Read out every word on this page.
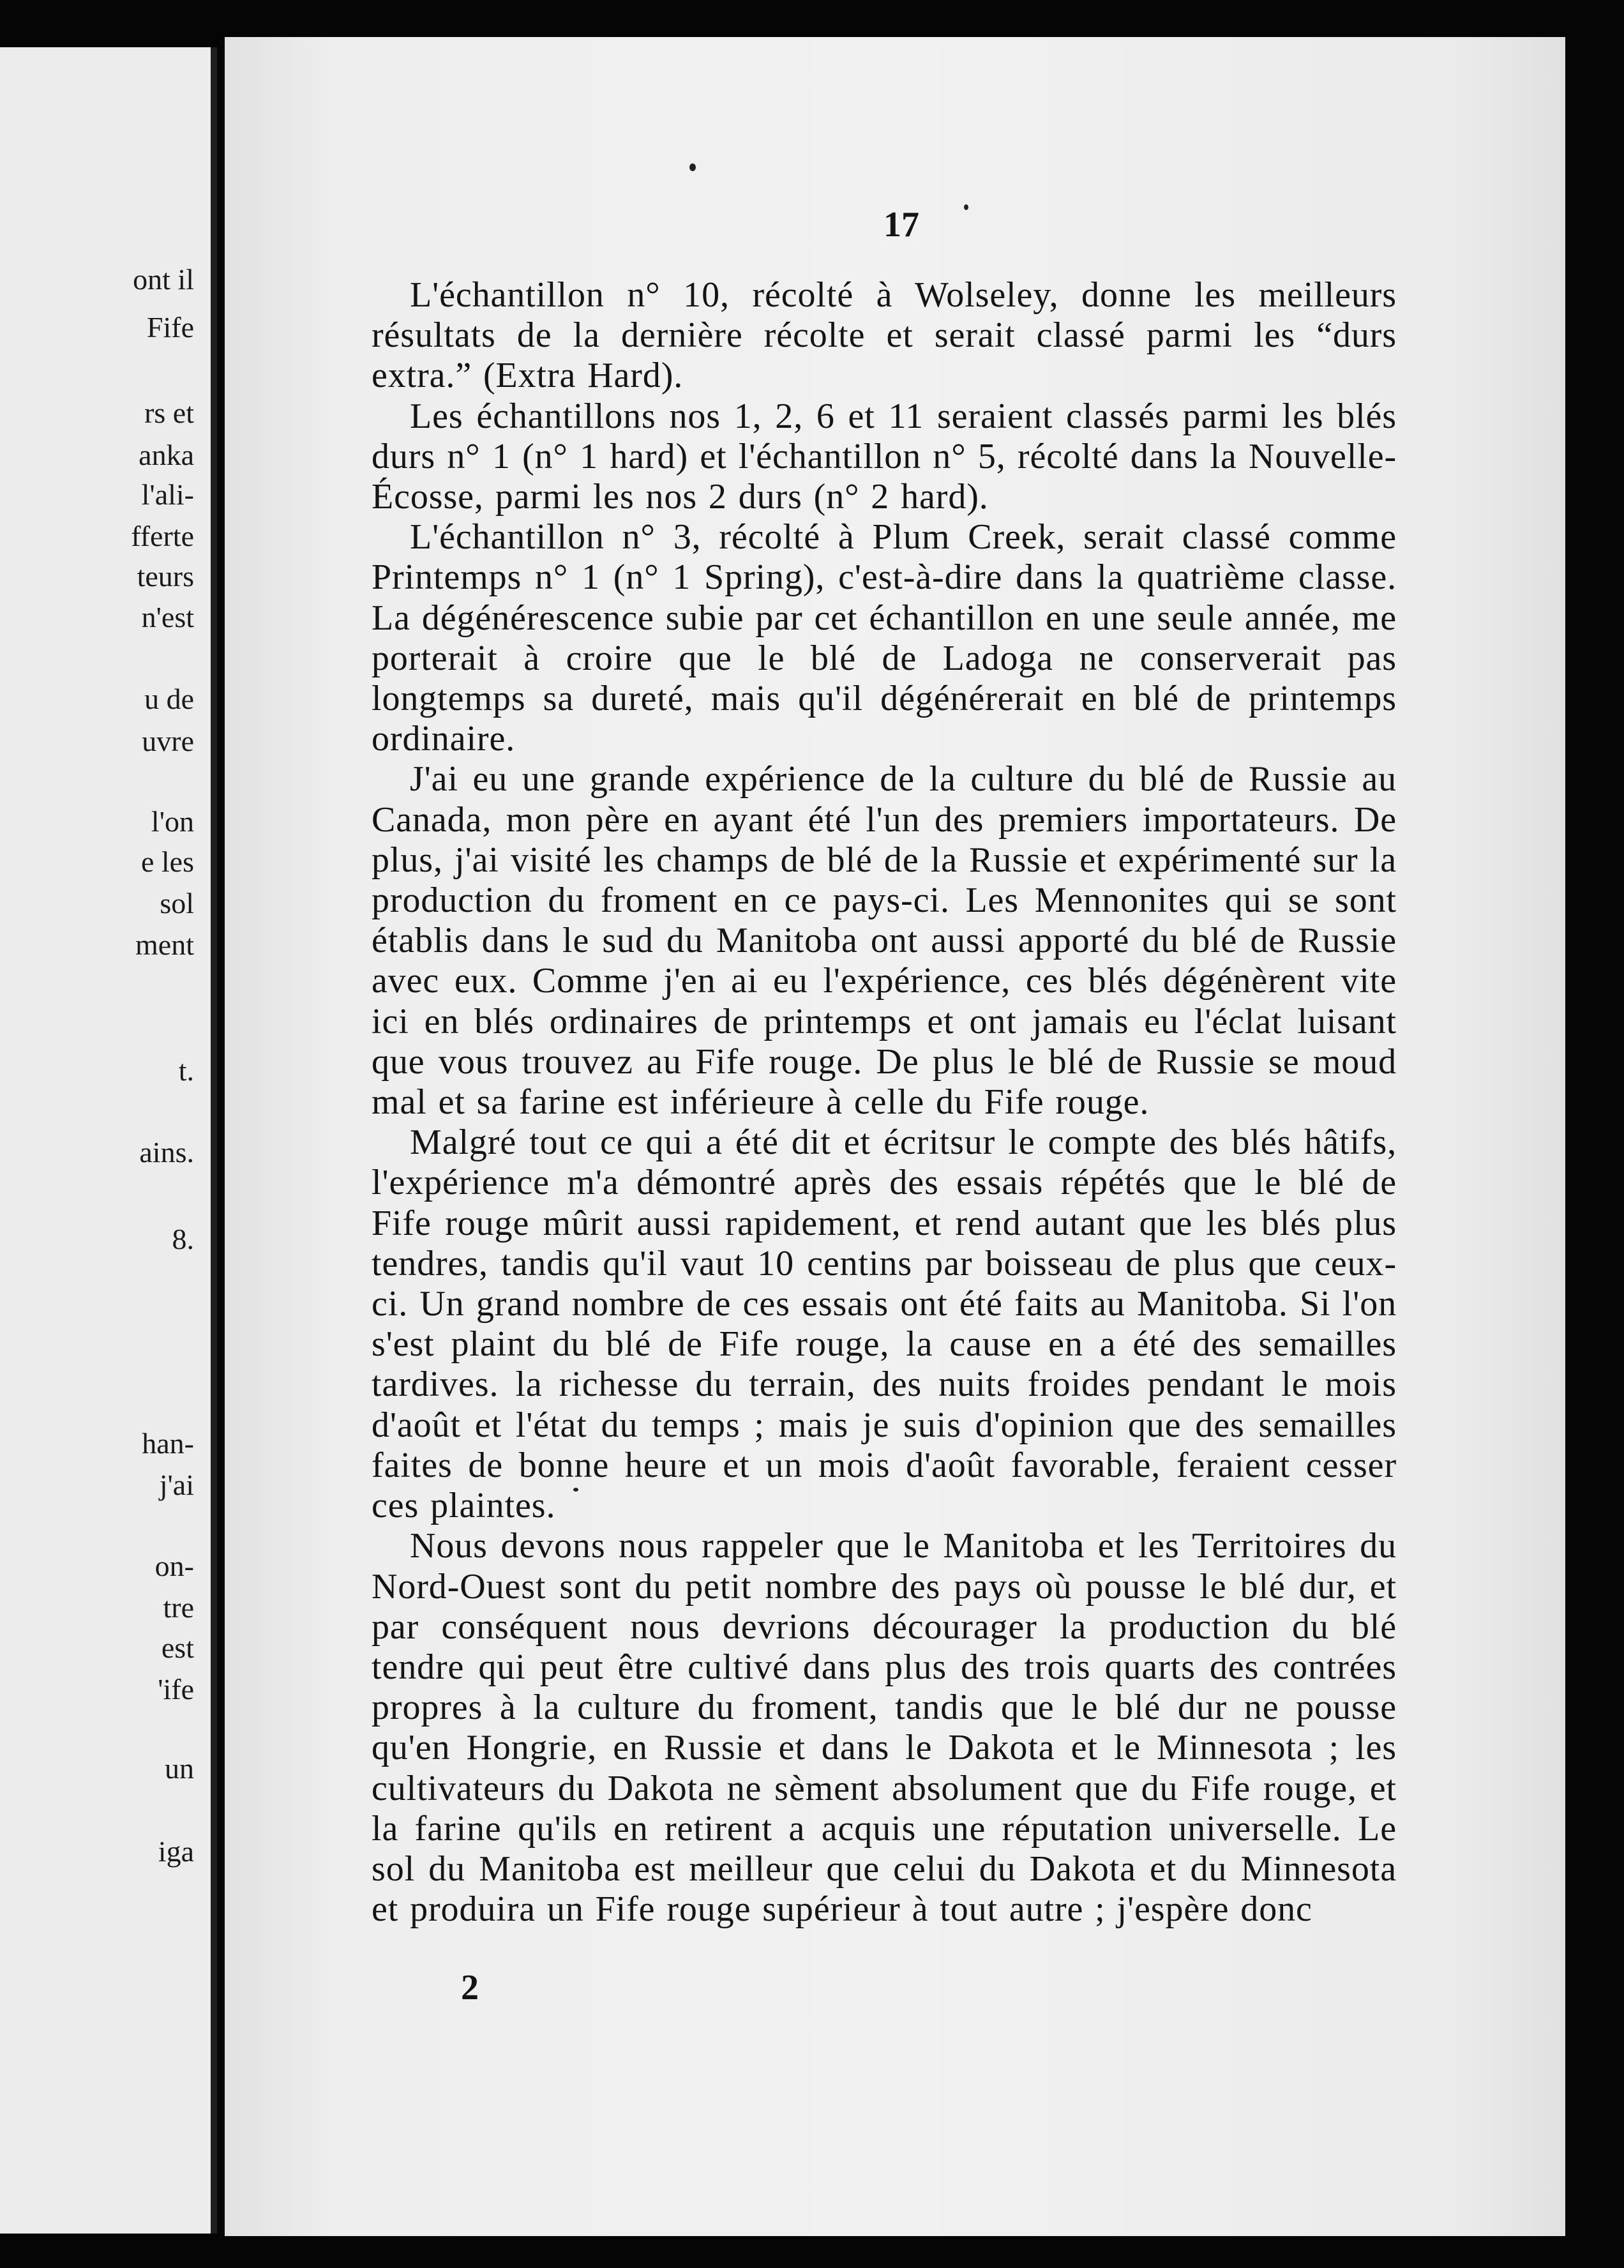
ont il
Fife
rs et
anka
l'ali-
fferte
teurs
n'est
u de
uvre
l'on
e les
sol
ment
t.
ains.
8.
han-
j'ai
on-
tre
est
'ife
un
iga
17

L'échantillon n° 10, récolté à Wolseley, donne les meilleurs résultats de la dernière récolte et serait classé parmi les “durs extra.” (Extra Hard).

Les échantillons nos 1, 2, 6 et 11 seraient classés parmi les blés durs n° 1 (n° 1 hard) et l'échantillon n° 5, récolté dans la Nouvelle-Écosse, parmi les nos 2 durs (n° 2 hard).

L'échantillon n° 3, récolté à Plum Creek, serait classé comme Printemps n° 1 (n° 1 Spring), c'est-à-dire dans la quatrième classe. La dégénérescence subie par cet échantillon en une seule année, me porterait à croire que le blé de Ladoga ne conserverait pas longtemps sa dureté, mais qu'il dégénérerait en blé de printemps ordinaire.

J'ai eu une grande expérience de la culture du blé de Russie au Canada, mon père en ayant été l'un des premiers importateurs. De plus, j'ai visité les champs de blé de la Russie et expérimenté sur la production du froment en ce pays-ci. Les Mennonites qui se sont établis dans le sud du Manitoba ont aussi apporté du blé de Russie avec eux. Comme j'en ai eu l'expérience, ces blés dégénèrent vite ici en blés ordinaires de printemps et ont jamais eu l'éclat luisant que vous trouvez au Fife rouge. De plus le blé de Russie se moud mal et sa farine est inférieure à celle du Fife rouge.

Malgré tout ce qui a été dit et écritsur le compte des blés hâtifs, l'expérience m'a démontré après des essais répétés que le blé de Fife rouge mûrit aussi rapidement, et rend autant que les blés plus tendres, tandis qu'il vaut 10 centins par boisseau de plus que ceux-ci. Un grand nombre de ces essais ont été faits au Manitoba. Si l'on s'est plaint du blé de Fife rouge, la cause en a été des semailles tardives. la richesse du terrain, des nuits froides pendant le mois d'août et l'état du temps ; mais je suis d'opinion que des semailles faites de bonne heure et un mois d'août favorable, feraient cesser ces plaintes.

Nous devons nous rappeler que le Manitoba et les Territoires du Nord-Ouest sont du petit nombre des pays où pousse le blé dur, et par conséquent nous devrions décourager la production du blé tendre qui peut être cultivé dans plus des trois quarts des contrées propres à la culture du froment, tandis que le blé dur ne pousse qu'en Hongrie, en Russie et dans le Dakota et le Minnesota ; les cultivateurs du Dakota ne sèment absolument que du Fife rouge, et la farine qu'ils en retirent a acquis une réputation universelle. Le sol du Manitoba est meilleur que celui du Dakota et du Minnesota et produira un Fife rouge supérieur à tout autre ; j'espère donc

2
